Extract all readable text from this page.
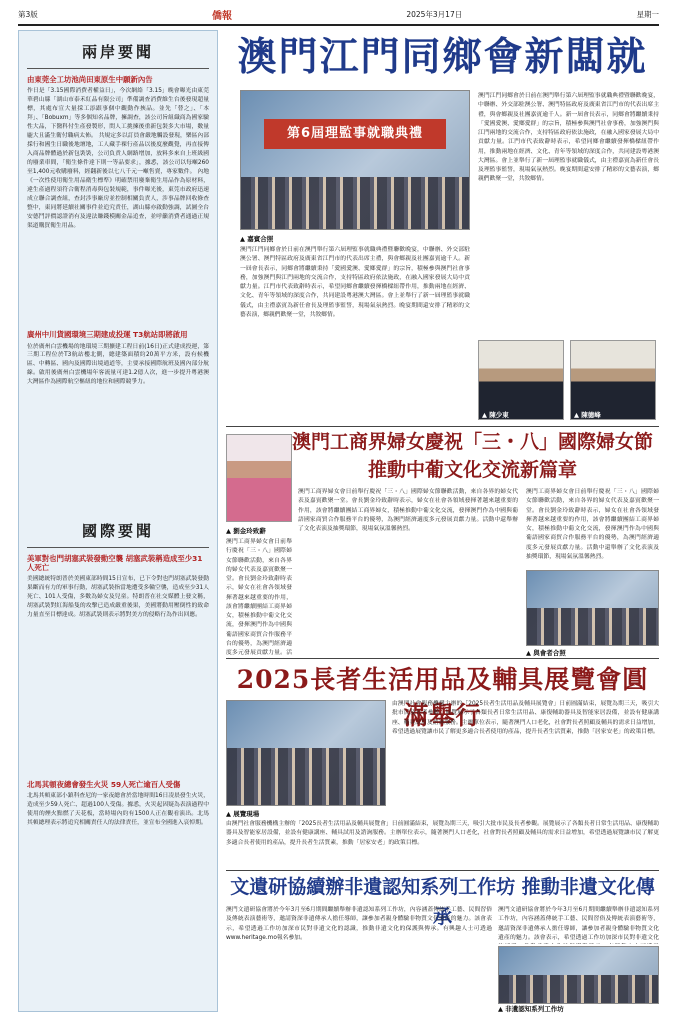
第3版	僑報	2025年3月17日	星期一
兩岸要聞
由東莞全工坊池尚田東原生中願新內告
作日是「3.15國際消費者權益日」，今次網絡「3.15」晚會曝光由東莞華碧山縣「湖山市泰禾紅品有限公司」準備調查消費維生台後發現超量標，其處布宣大量採工添跟事個中觀動作挾品。並先「替之」、「本拜」、「Bobuxm」等多個知名品牌，擁調查，該公司旨組織商為國家驗性大品，下醫科付生產發製形，問人工挑揀後重新包裝多大市場，數量龐大且滿生衛付職病太佈。 共規定多以訂員會嚴地觸設發現，樂區內部採行和國生日職後地壇地，工人藏手裸行產品以後度麼觀覺，再直接傳入商品牌體過於新包裝裝，公司負責人網路增加，放料多來自上班級國的廢業車間，「衛生條件達下則一等品要求」，據悉，該公司以每噸260至1,400元收購廢料，經翻新後以七八千元一噸售賣，專家數件。 內地《一次性使用衛生用品衛生標準》明確禁用廢棄衛生用品作為原材料，違生產過程須符合衛程消毒與包裝規範，事件曝光後，東莞市政府迅速成立聯合調查組，查封涉事廠房並控制相關負責人，涉事品牌回收條查整中，東同將延續社關事件並追究責任，湖山縣亦啟動強調，試圖全台安德鬥評價認證消有及違法賺錢模關金品追查，並呼籲消費者通過正規渠道購買衛生用品。
廣州中川貨國環境三期建成投運 T3航站即將啟用
位於廣州白雲機場的地環境三期擴建工程日前(16日)正式建成投運，第三期工程位於T3航站樓北側，總建築面積約20萬平方米，設有候機區、中轉區、國內及國際出境通道等，主要承接國際航班及國內部分航線。啟用後廣州白雲機場年客流量可達1.2億人次，進一步提升粵港澳大灣區作為國際航空樞紐的地位和國際競爭力。
國際要聞
美軍對也門胡塞武裝發動空襲 胡塞武裝稱造成至少31人死亡
美國總統特朗普於美國東部時間15日宣布，已下令對也門胡塞武裝發動果斷而有力的軍事行動，胡塞武裝指當地遭受多輪空襲，造成至少31人死亡、101人受傷，多數為婦女及兒童。特朗普在社交媒體上發文稱，胡塞武裝對紅海船隻的攻擊已造成嚴重後果，美國將動用壓倒性的致命力量直至目標達成。胡塞武裝則表示將對美方的侵略行為作出回應。
北馬其頓夜總會發生火災 59人死亡逾百人受傷
北馬其頓東部小鎮科查尼的一家夜總會於當地時間16日凌晨發生火災，造成至少59人死亡、超過100人受傷。據悉，火災起因疑為表演過程中使用的煙火點燃了天花板，當時場內約有1500人正在觀看演出。北馬其頓總理表示將追究相關責任人的法律責任，並宣布全國進入哀悼期。
澳門江門同鄉會新闆就
第6屆理監事就職典禮
▲ 嘉賓合照
澳門江門同鄉會於日前在澳門舉行第六屆理監事就職典禮暨聯歡晚宴，中聯辦、外交部駐澳公署、澳門特區政府及廣東省江門市的代表出席主禮，與會鄉親及社團嘉賓逾千人。新一屆會長表示，同鄉會將繼續秉持「愛國愛澳、愛鄉愛群」的宗旨，積極參與澳門社會事務，加強澳門與江門兩地的交流合作，支持特區政府依法施政，在融入國家發展大局中貢獻力量。江門市代表致辭時表示，希望同鄉會繼續發揮橋樑紐帶作用，推動兩地在經濟、文化、青年等領域的深度合作，共同建設粵港澳大灣區。會上並舉行了新一屆理監事就職儀式，由主禮嘉賓為新任會長及理監事監誓，現場氣氛熱烈。晚宴期間還安排了精彩的文藝表演，鄉親們歡聚一堂，共敘鄉情。
澳門江門同鄉會於日前在澳門舉行第六屆理監事就職典禮暨聯歡晚宴，中聯辦、外交部駐澳公署、澳門特區政府及廣東省江門市的代表出席主禮，與會鄉親及社團嘉賓逾千人。新一屆會長表示，同鄉會將繼續秉持「愛國愛澳、愛鄉愛群」的宗旨，積極參與澳門社會事務，加強澳門與江門兩地的交流合作，支持特區政府依法施政，在融入國家發展大局中貢獻力量。江門市代表致辭時表示，希望同鄉會繼續發揮橋樑紐帶作用，推動兩地在經濟、文化、青年等領域的深度合作，共同建設粵港澳大灣區。會上並舉行了新一屆理監事就職儀式，由主禮嘉賓為新任會長及理監事監誓，現場氣氛熱烈。晚宴期間還安排了精彩的文藝表演，鄉親們歡聚一堂，共敘鄉情。
▲ 陳少東	▲ 陳德峰
澳門工商界婦女慶祝「三・八」國際婦女節
推動中葡文化交流新篇章
▲ 劉金玲致辭
澳門工商界婦女會日前舉行慶祝「三・八」國際婦女節聯歡活動，來自各界的婦女代表及嘉賓歡聚一堂。會長劉金玲致辭時表示，婦女在社會各領域發揮著越來越重要的作用，該會將繼續團結工商界婦女，積極推動中葡文化交流，發揮澳門作為中國與葡語國家商貿合作服務平台的優勢，為澳門經濟適度多元發展貢獻力量。活
澳門工商界婦女會日前舉行慶祝「三・八」國際婦女節聯歡活動，來自各界的婦女代表及嘉賓歡聚一堂。會長劉金玲致辭時表示，婦女在社會各領域發揮著越來越重要的作用，該會將繼續團結工商界婦女，積極推動中葡文化交流，發揮澳門作為中國與葡語國家商貿合作服務平台的優勢，為澳門經濟適度多元發展貢獻力量。活動中還舉辦了文化表演及抽獎環節，現場氣氛溫馨熱烈。
澳門工商界婦女會日前舉行慶祝「三・八」國際婦女節聯歡活動，來自各界的婦女代表及嘉賓歡聚一堂。會長劉金玲致辭時表示，婦女在社會各領域發揮著越來越重要的作用，該會將繼續團結工商界婦女，積極推動中葡文化交流，發揮澳門作為中國與葡語國家商貿合作服務平台的優勢，為澳門經濟適度多元發展貢獻力量。活動中還舉辦了文化表演及抽獎環節，現場氣氛溫馨熱烈。
▲ 與會者合照
2025長者生活用品及輔具展覽會圓滿舉行
▲ 展覽現場
由澳門社會服務機構主辦的「2025長者生活用品及輔具展覽會」日前圓滿結束，展覽為期三天，吸引大批市民及長者參觀。展覽展示了各類長者日常生活用品、康復輔助器具及智能家居設備，並設有健康講座、輔具試用及諮詢服務。主辦單位表示，隨著澳門人口老化，社會對長者照顧及輔具的需求日益增加，希望透過展覽讓市民了解更多適合長者使用的產品，提升長者生活質素，推動「居家安老」的政策目標。
由澳門社會服務機構主辦的「2025長者生活用品及輔具展覽會」日前圓滿結束，展覽為期三天，吸引大批市民及長者參觀。展覽展示了各類長者日常生活用品、康復輔助器具及智能家居設備，並設有健康講座、輔具試用及諮詢服務。主辦單位表示，隨著澳門人口老化，社會對長者照顧及輔具的需求日益增加，希望透過展覽讓市民了解更多適合長者使用的產品，提升長者生活質素，推動「居家安老」的政策目標。
文遺研協續辦非遺認知系列工作坊 推動非遺文化傳承
澳門文遺研協會將於今年3月至6月期間繼續舉辦非遺認知系列工作坊，內容涵蓋傳統手工藝、民間習俗及傳統表演藝術等，邀請資深非遺傳承人擔任導師，讓參加者親身體驗非物質文化遺產的魅力。該會表示，希望透過工作坊加深市民對非遺文化的認識，推動非遺文化的保護與傳承。有興趣人士可透過www.heritage.mo報名參加。
澳門文遺研協會將於今年3月至6月期間繼續舉辦非遺認知系列工作坊，內容涵蓋傳統手工藝、民間習俗及傳統表演藝術等，邀請資深非遺傳承人擔任導師，讓參加者親身體驗非物質文化遺產的魅力。該會表示，希望透過工作坊加深市民對非遺文化
▲ 非遺認知系列工作坊
